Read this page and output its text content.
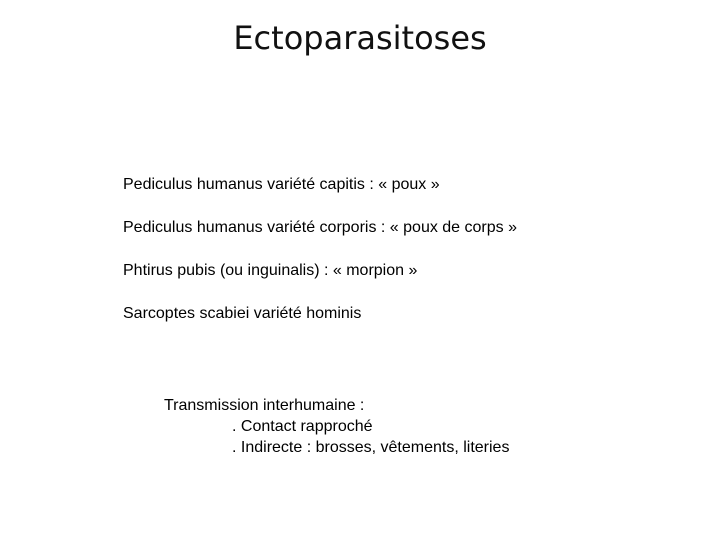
Ectoparasitoses
Pediculus humanus variété capitis : « poux »
Pediculus humanus variété corporis : « poux de corps »
Phtirus pubis (ou inguinalis) : « morpion »
Sarcoptes scabiei variété hominis
Transmission interhumaine :
. Contact rapproché
. Indirecte : brosses, vêtements, literies
